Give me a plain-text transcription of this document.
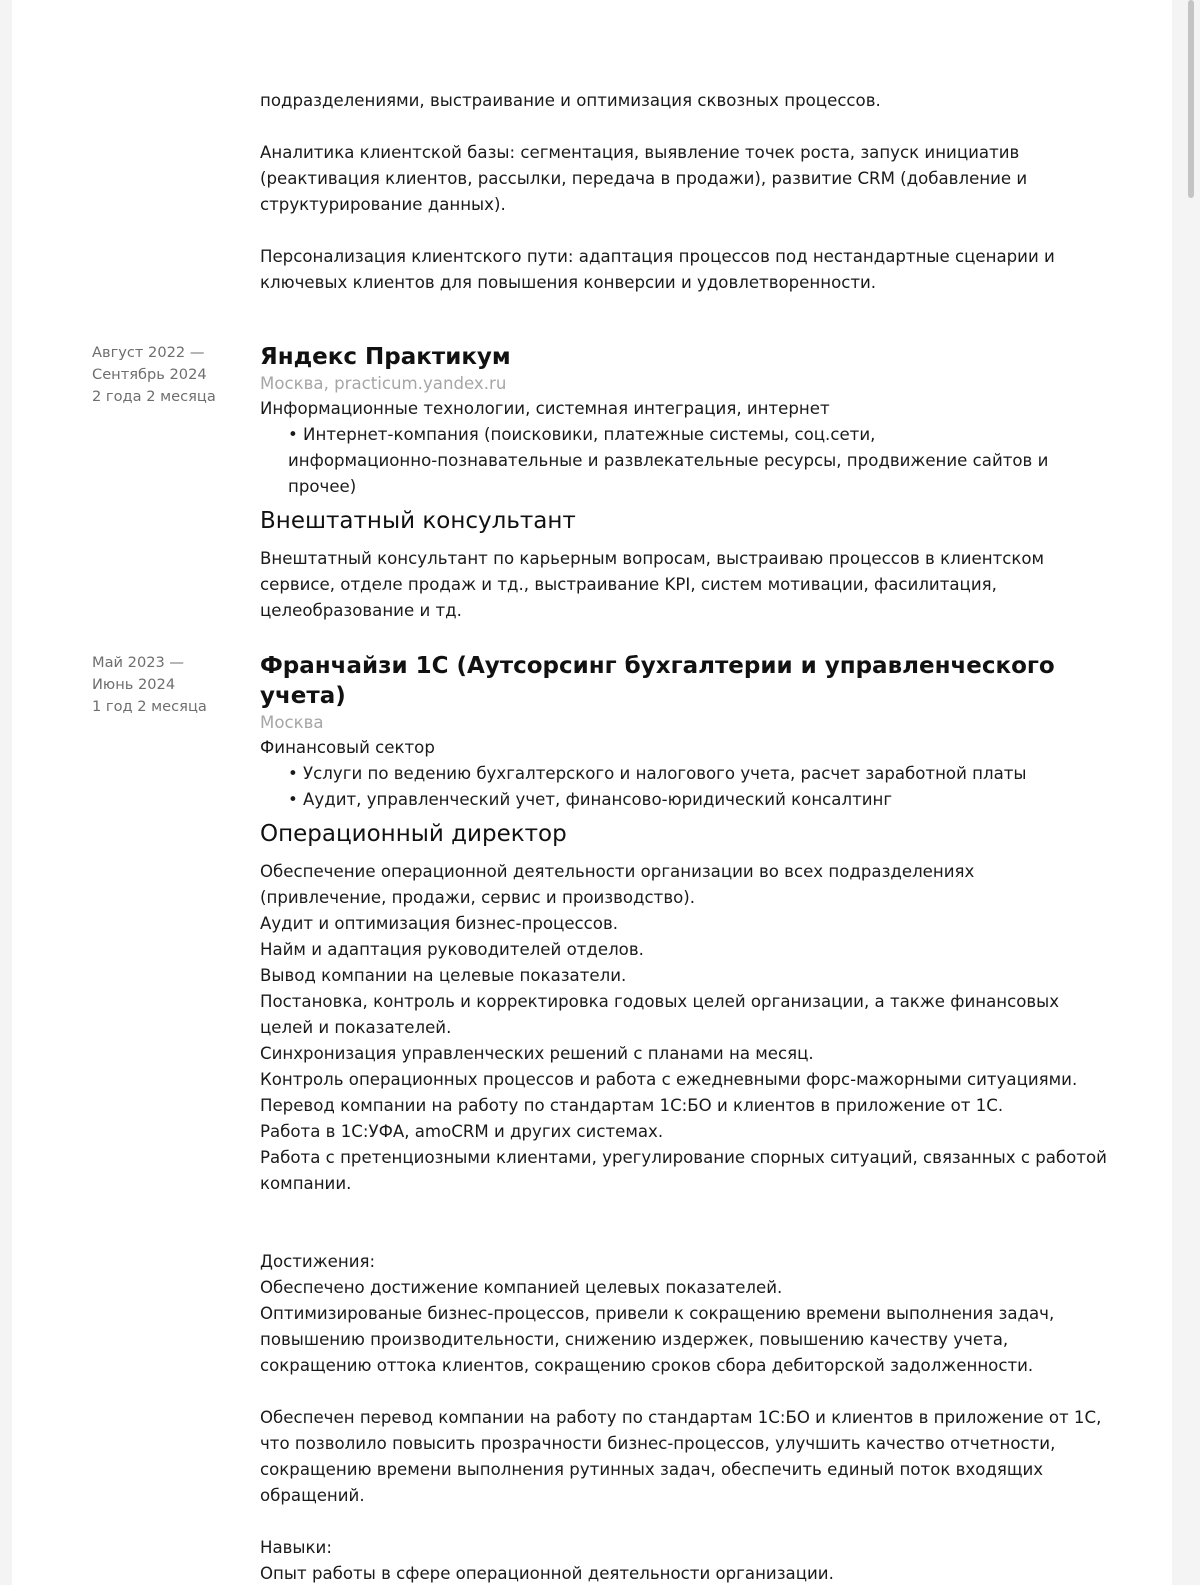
подразделениями, выстраивание и оптимизация сквозных процессов.

Аналитика клиентской базы: сегментация, выявление точек роста, запуск инициатив
(реактивация клиентов, рассылки, передача в продажи), развитие CRM (добавление и
структурирование данных).
Персонализация клиентского пути: адаптация процессов под нестандартные сценарии и
ключевых клиентов для повышения конверсии и удовлетворенности.
Август 2022 —
Сентябрь 2024
2 года 2 месяца
Яндекс Практикум
Москва, practicum.yandex.ru
Информационные технологии, системная интеграция, интернет
• Интернет-компания (поисковики, платежные системы, соц.сети,
информационно-познавательные и развлекательные ресурсы, продвижение сайтов и
прочее)
Внештатный консультант
Внештатный консультант по карьерным вопросам, выстраиваю процессов в клиентском
сервисе, отделе продаж и тд., выстраивание KPI, систем мотивации, фасилитация,
целеобразование и тд.
Май 2023 —
Июнь 2024
1 год 2 месяца
Франчайзи 1С (Аутсорсинг бухгалтерии и управленческого учета)
Москва
Финансовый сектор
• Услуги по ведению бухгалтерского и налогового учета, расчет заработной платы
• Аудит, управленческий учет, финансово-юридический консалтинг
Операционный директор
Обеспечение операционной деятельности организации во всех подразделениях
(привлечение, продажи, сервис и производство).
Аудит и оптимизация бизнес-процессов.
Найм и адаптация руководителей отделов.
Вывод компании на целевые показатели.
Постановка, контроль и корректировка годовых целей организации, а также финансовых
целей и показателей.
Синхронизация управленческих решений с планами на месяц.
Контроль операционных процессов и работа с ежедневными форс-мажорными ситуациями.
Перевод компании на работу по стандартам 1С:БО и клиентов в приложение от 1С.
Работа в 1С:УФА, amoCRM и других системах.
Работа с претенциозными клиентами, урегулирование спорных ситуаций, связанных с работой
компании.
Достижения:
Обеспечено достижение компанией целевых показателей.
Оптимизированые бизнес-процессов, привели к сокращению времени выполнения задач,
повышению производительности, снижению издержек, повышению качеству учета,
сокращению оттока клиентов, сокращению сроков сбора дебиторской задолженности.
Обеспечен перевод компании на работу по стандартам 1С:БО и клиентов в приложение от 1С,
что позволило повысить прозрачности бизнес-процессов, улучшить качество отчетности,
сокращению времени выполнения рутинных задач, обеспечить единый поток входящих
обращений.
Навыки:
Опыт работы в сфере операционной деятельности организации.
